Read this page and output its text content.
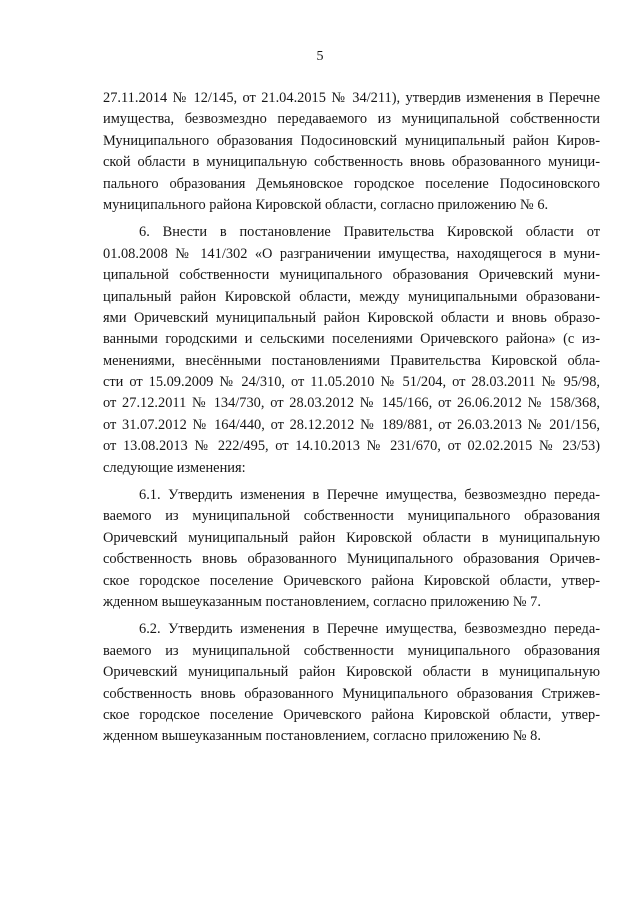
5
27.11.2014 № 12/145, от 21.04.2015 № 34/211), утвердив изменения в Перечне
имущества, безвозмездно передаваемого из муниципальной собственности
Муниципального образования Подосиновский муниципальный район Киров-
ской области в муниципальную собственность вновь образованного муници-
пального образования Демьяновское городское поселение Подосиновского
муниципального района Кировской области, согласно приложению № 6.
6. Внести в постановление Правительства Кировской области от
01.08.2008 № 141/302 «О разграничении имущества, находящегося в муни-
ципальной собственности муниципального образования Оричевский муни-
ципальный район Кировской области, между муниципальными образовани-
ями Оричевский муниципальный район Кировской области и вновь образо-
ванными городскими и сельскими поселениями Оричевского района» (с из-
менениями, внесёнными постановлениями Правительства Кировской обла-
сти от 15.09.2009 № 24/310, от 11.05.2010 № 51/204, от 28.03.2011 № 95/98,
от 27.12.2011 № 134/730, от 28.03.2012 № 145/166, от 26.06.2012 № 158/368,
от 31.07.2012 № 164/440, от 28.12.2012 № 189/881, от 26.03.2013 № 201/156,
от 13.08.2013 № 222/495, от 14.10.2013 № 231/670, от 02.02.2015 № 23/53)
следующие изменения:
6.1. Утвердить изменения в Перечне имущества, безвозмездно переда-
ваемого из муниципальной собственности муниципального образования
Оричевский муниципальный район Кировской области в муниципальную
собственность вновь образованного Муниципального образования Оричев-
ское городское поселение Оричевского района Кировской области, утвер-
жденном вышеуказанным постановлением, согласно приложению № 7.
6.2. Утвердить изменения в Перечне имущества, безвозмездно переда-
ваемого из муниципальной собственности муниципального образования
Оричевский муниципальный район Кировской области в муниципальную
собственность вновь образованного Муниципального образования Стрижев-
ское городское поселение Оричевского района Кировской области, утвер-
жденном вышеуказанным постановлением, согласно приложению № 8.
